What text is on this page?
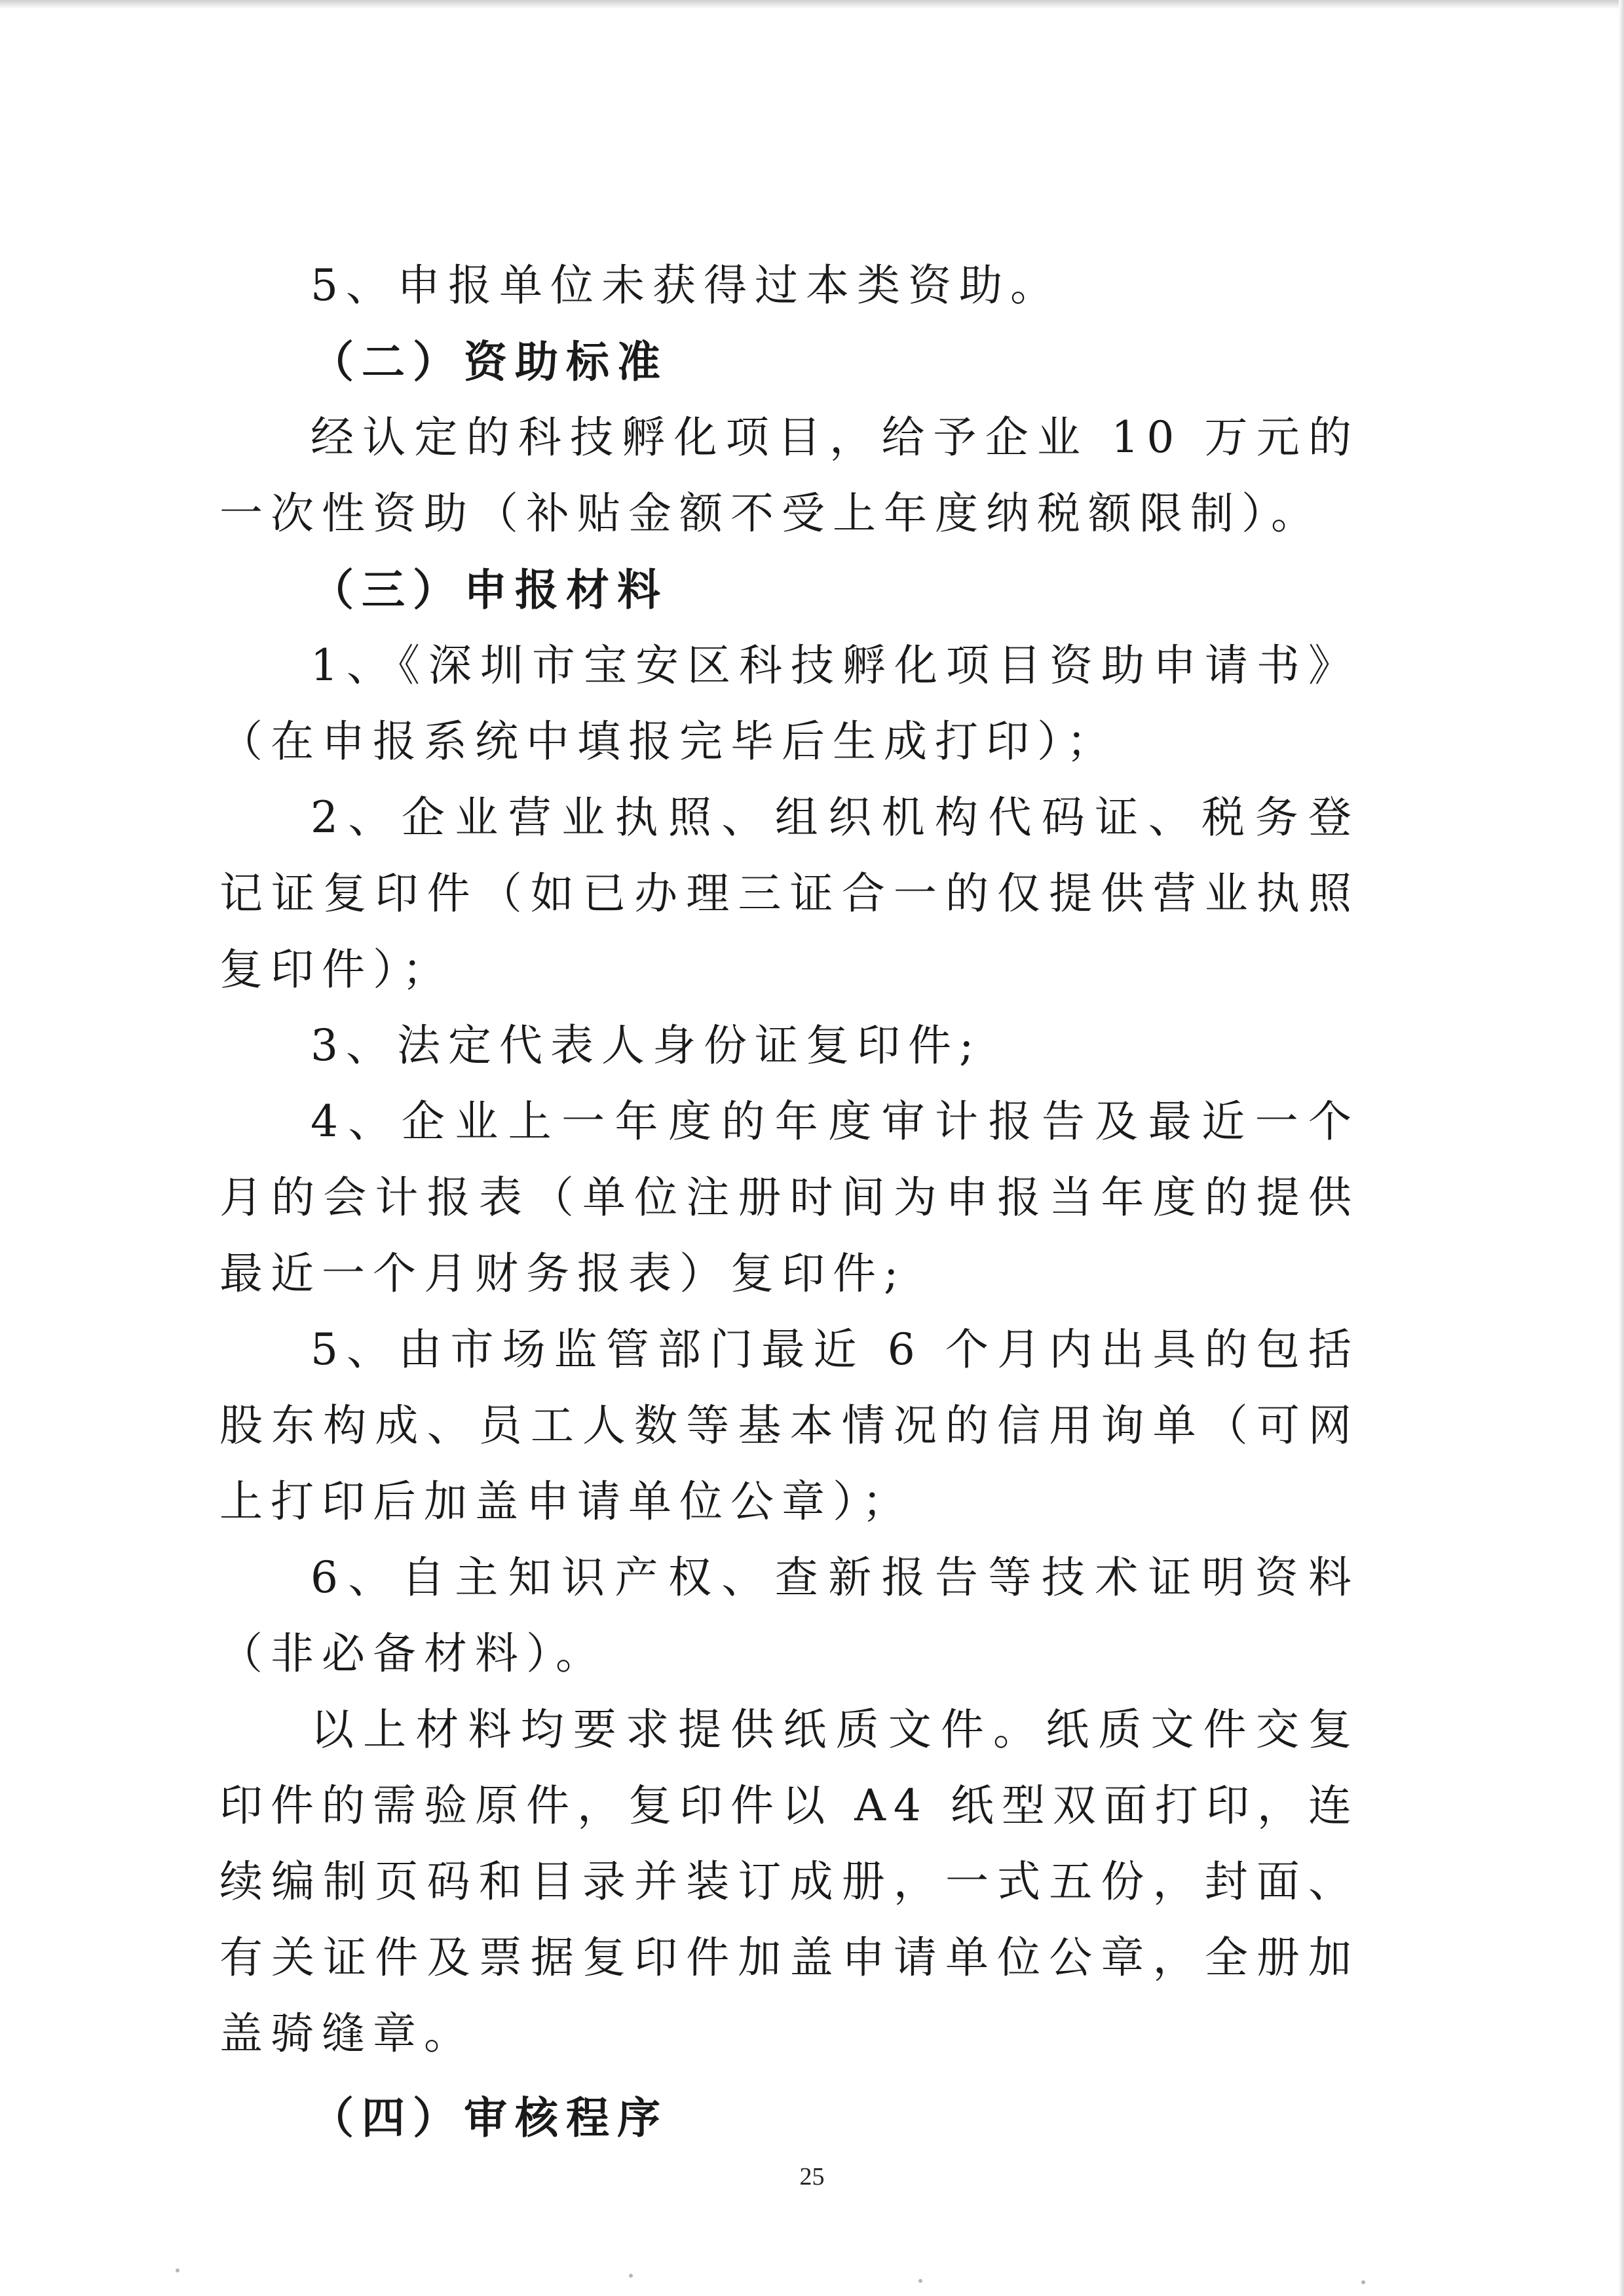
5、申报单位未获得过本类资助。

（二）资助标准

经认定的科技孵化项目，给予企业 10 万元的一次性资助（补贴金额不受上年度纳税额限制）。

（三）申报材料

1、《深圳市宝安区科技孵化项目资助申请书》（在申报系统中填报完毕后生成打印）；

2、企业营业执照、组织机构代码证、税务登记证复印件（如已办理三证合一的仅提供营业执照复印件）；

3、法定代表人身份证复印件;

4、企业上一年度的年度审计报告及最近一个月的会计报表（单位注册时间为申报当年度的提供最近一个月财务报表）复印件;

5、由市场监管部门最近 6 个月内出具的包括股东构成、员工人数等基本情况的信用询单（可网上打印后加盖申请单位公章）；

6、自主知识产权、查新报告等技术证明资料（非必备材料）。

以上材料均要求提供纸质文件。纸质文件交复印件的需验原件，复印件以 A4 纸型双面打印，连续编制页码和目录并装订成册，一式五份，封面、有关证件及票据复印件加盖申请单位公章，全册加盖骑缝章。

（四）审核程序

25
